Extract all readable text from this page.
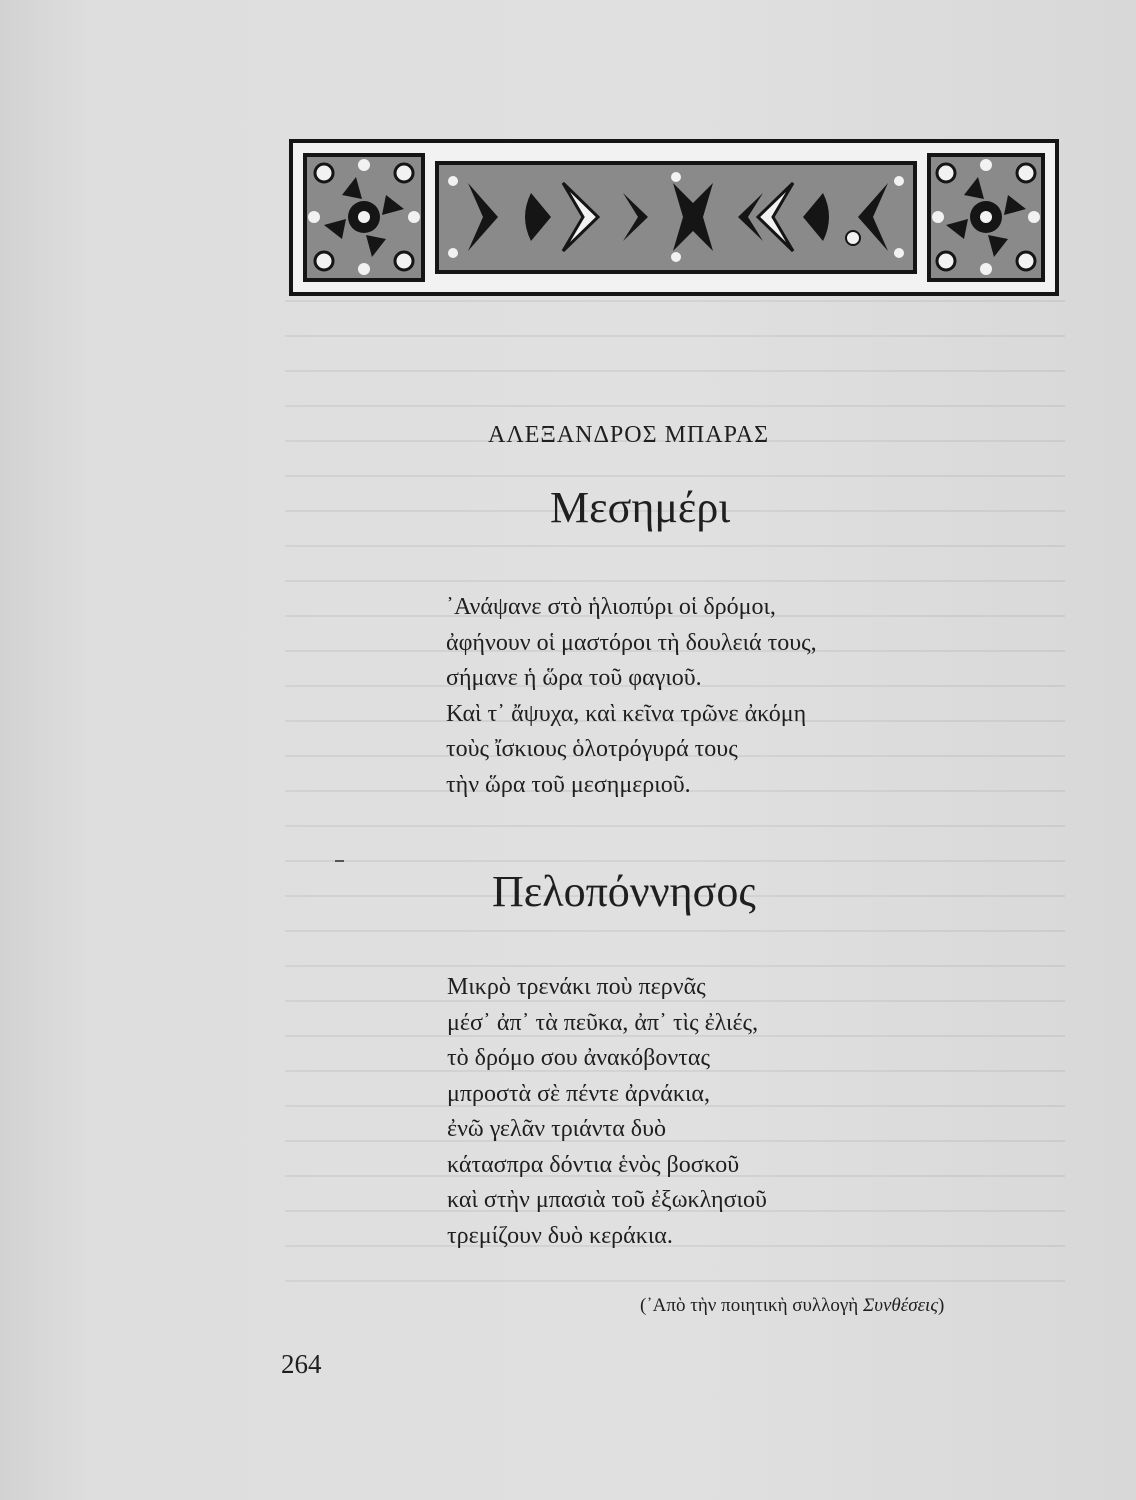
ΑΛΕΞΑΝΔΡΟΣ ΜΠΑΡΑΣ
Μεσημέρι
᾿Ανάψανε στὸ ἡλιοπύρι οἱ δρόμοι,
ἀφήνουν οἱ μαστόροι τὴ δουλειά τους,
σήμανε ἡ ὥρα τοῦ φαγιοῦ.
Καὶ τ᾿ ἄψυχα, καὶ κεῖνα τρῶνε ἀκόμη
τοὺς ἴσκιους ὁλοτρόγυρά τους
τὴν ὥρα τοῦ μεσημεριοῦ.
Πελοπόννησος
Μικρὸ τρενάκι ποὺ περνᾶς
μέσ᾿ ἀπ᾿ τὰ πεῦκα, ἀπ᾿ τὶς ἐλιές,
τὸ δρόμο σου ἀνακόβοντας
μπροστὰ σὲ πέντε ἀρνάκια,
ἐνῶ γελᾶν τριάντα δυὸ
κάτασπρα δόντια ἑνὸς βοσκοῦ
καὶ στὴν μπασιὰ τοῦ ἐξωκλησιοῦ
τρεμίζουν δυὸ κεράκια.
(᾿Απὸ τὴν ποιητικὴ συλλογὴ Συνθέσεις)
264
